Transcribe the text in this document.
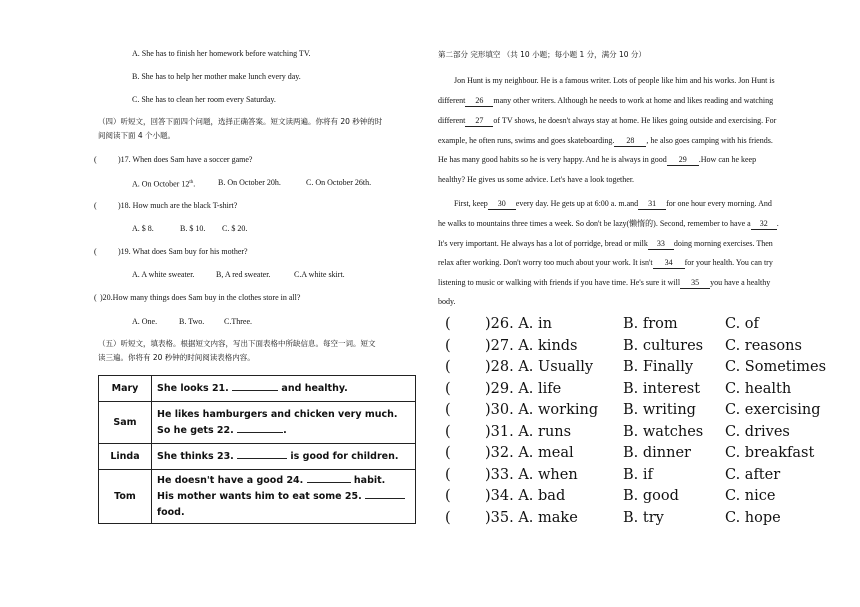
A. She has to finish her homework before watching TV.
B. She has to help her mother make lunch every day.
C. She has to clean her room every Saturday.
（四）听短文，回答下面四个问题，选择正确答案。短文读两遍。你将有 20 秒钟的时
间阅读下面 4 个小题。
(	)17. When does Sam have a soccer game?
A. On October 12th.	B. On October 20h.	C. On October 26th.
(	)18. How much are the black T-shirt?
A. $ 8.	B. $ 10. C. $ 20.
(	)19. What does Sam buy for his mother?
A. A white sweater.	B, A red sweater.	C.A white skirt.
( )20.How many things does Sam buy in the clothes store in all?
A. One.	B. Two. C.Three.
（五）听短文，填表格。根据短文内容，写出下面表格中所缺信息。每空一词。短文
读三遍。你将有 20 秒钟的时间阅读表格内容。
Mary	She looks 21. and healthy.
Sam	He likes hamburgers and chicken very much.
So he gets 22. .
Linda	She thinks 23. is good for children.
Tom	He doesn't have a good 24. habit.
His mother wants him to eat some 25.
food.
第二部分 完形填空 （共 10 小题；每小题 1 分，满分 10 分）
Jon Hunt is my neighbour. He is a famous writer. Lots of people like him and his works. Jon Hunt is
different 26 many other writers. Although he needs to work at home and likes reading and watching
different 27 of TV shows, he doesn't always stay at home. He likes going outside and exercising. For
example, he often runs, swims and goes skateboarding. 28 , he also goes camping with his friends.
He has many good habits so he is very happy. And he is always in good 29 .How can he keep
healthy? He gives us some advice. Let's have a look together.
First, keep 30 every day. He gets up at 6:00 a. m.and 31 for one hour every morning. And
he walks to mountains three times a week. So don't be lazy(懒惰的). Second, remember to have a 32 .
It's very important. He always has a lot of porridge, bread or milk 33 doing morning exercises. Then
relax after working. Don't worry too much about your work. It isn't 34 for your health. You can try
listening to music or walking with friends if you have time. He's sure it will 35 you have a healthy
body.
( )26. A. in	B. from	C. of
( )27. A. kinds	B. cultures C. reasons
( )28. A. Usually B. Finally C. Sometimes
( )29. A. life	B. interest C. health
( )30. A. working B. writing C. exercising
( )31. A. runs	B. watches C. drives
( )32. A. meal	B. dinner C. breakfast
( )33. A. when	B. if	C. after
( )34. A. bad	B. good	C. nice
( )35. A. make	B. try	C. hope
